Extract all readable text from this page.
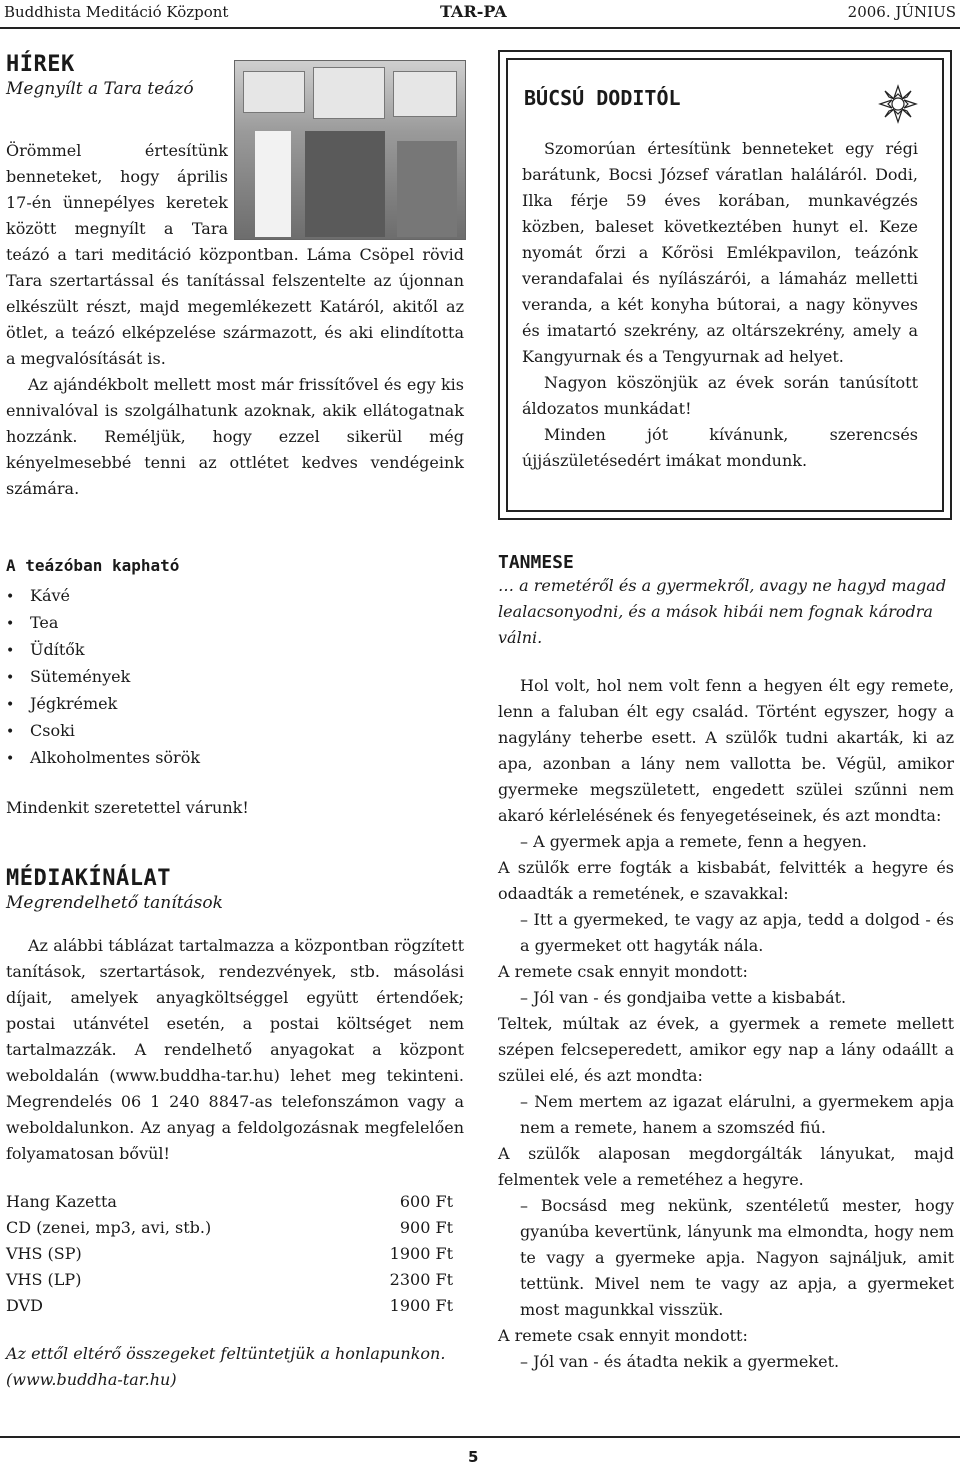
Buddhista Meditáció Központ	TAR-PA	2006. JÚNIUS
HÍREK
Megnyílt a Tara teázó

Örömmel értesítünk benneteket, hogy április 17-én ünnepélyes keretek között megnyílt a Tara teázó a tari meditáció központban. Láma Csöpel rövid Tara szertartással és tanítással felszentelte az újonnan elkészült részt, majd megemlékezett Katáról, akitől az ötlet, a teázó elképzelése származott, és aki elindította a megvalósítását is.

Az ajándékbolt mellett most már frissítővel és egy kis ennivalóval is szolgálhatunk azoknak, akik ellátogatnak hozzánk. Reméljük, hogy ezzel sikerül még kényelmesebbé tenni az ottlétet kedves vendégeink számára.

BÚCSÚ DODITÓL

Szomorúan értesítünk benneteket egy régi barátunk, Bocsi József váratlan haláláról. Dodi, Ilka férje 59 éves korában, munkavégzés közben, baleset következtében hunyt el. Keze nyomát őrzi a Kőrösi Emlékpavilon, teázónk verandafalai és nyílászárói, a lámaház melletti veranda, a két konyha bútorai, a nagy könyves és imatartó szekrény, az oltárszekrény, amely a Kangyurnak és a Tengyurnak ad helyet.

Nagyon köszönjük az évek során tanúsított áldozatos munkádat!

Minden jót kívánunk, szerencsés újjászületésedért imákat mondunk.

A teázóban kapható
• Kávé
• Tea
• Üdítők
• Sütemények
• Jégkrémek
• Csoki
• Alkoholmentes sörök
Mindenkit szeretettel várunk!
MÉDIAKÍNÁLAT
Megrendelhető tanítások

Az alábbi táblázat tartalmazza a központban rögzített tanítások, szertartások, rendezvények, stb. másolási díjait, amelyek anyagköltséggel együtt értendőek; postai utánvétel esetén, a postai költséget nem tartalmazzák. A rendelhető anyagokat a központ weboldalán (www.buddha-tar.hu) lehet meg tekinteni. Megrendelés 06 1 240 8847-as telefonszámon vagy a weboldalunkon. Az anyag a feldolgozásnak megfelelően folyamatosan bővül!

Hang Kazetta	600 Ft
CD (zenei, mp3, avi, stb.)	900 Ft
VHS (SP)	1900 Ft
VHS (LP)	2300 Ft
DVD	1900 Ft

Az ettől eltérő összegeket feltüntetjük a honlapunkon. (www.buddha-tar.hu)

TANMESE

… a remetéről és a gyermekről, avagy ne hagyd magad lealacsonyodni, és a mások hibái nem fognak károdra válni.

Hol volt, hol nem volt fenn a hegyen élt egy remete, lenn a faluban élt egy család. Történt egyszer, hogy a nagylány teherbe esett. A szülők tudni akarták, ki az apa, azonban a lány nem vallotta be. Végül, amikor gyermeke megszületett, engedett szülei szűnni nem akaró kérlelésének és fenyegetéseinek, és azt mondta:

– A gyermek apja a remete, fenn a hegyen.

A szülők erre fogták a kisbabát, felvitték a hegyre és odaadták a remetének, e szavakkal:

– Itt a gyermeked, te vagy az apja, tedd a dolgod - és a gyermeket ott hagyták nála.

A remete csak ennyit mondott:

– Jól van - és gondjaiba vette a kisbabát.

Teltek, múltak az évek, a gyermek a remete mellett szépen felcseperedett, amikor egy nap a lány odaállt a szülei elé, és azt mondta:

– Nem mertem az igazat elárulni, a gyermekem apja nem a remete, hanem a szomszéd fiú.

A szülők alaposan megdorgálták lányukat, majd felmentek vele a remetéhez a hegyre.

– Bocsásd meg nekünk, szentéletű mester, hogy gyanúba kevertünk, lányunk ma elmondta, hogy nem te vagy a gyermeke apja. Nagyon sajnáljuk, amit tettünk. Mivel nem te vagy az apja, a gyermeket most magunkkal visszük.

A remete csak ennyit mondott:

– Jól van - és átadta nekik a gyermeket.

5
